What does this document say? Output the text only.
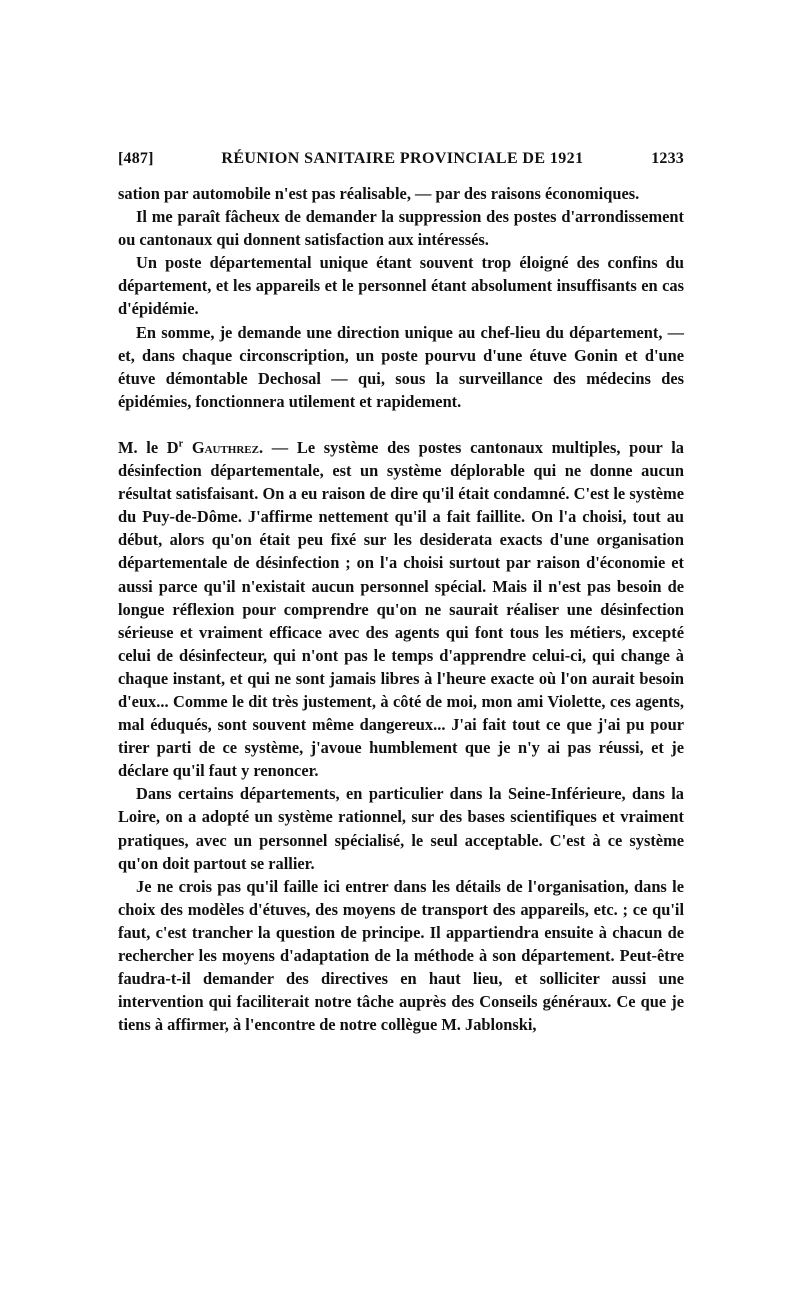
[487]	RÉUNION SANITAIRE PROVINCIALE DE 1921	1233

sation par automobile n'est pas réalisable, — par des raisons économiques.

Il me paraît fâcheux de demander la suppression des postes d'arrondissement ou cantonaux qui donnent satisfaction aux intéressés.

Un poste départemental unique étant souvent trop éloigné des confins du département, et les appareils et le personnel étant absolument insuffisants en cas d'épidémie.

En somme, je demande une direction unique au chef-lieu du département, — et, dans chaque circonscription, un poste pourvu d'une étuve Gonin et d'une étuve démontable Dechosal — qui, sous la surveillance des médecins des épidémies, fonctionnera utilement et rapidement.

M. le $D^r$ Gauthrez. — Le système des postes cantonaux multiples, pour la désinfection départementale, est un système déplorable qui ne donne aucun résultat satisfaisant. On a eu raison de dire qu'il était condamné. C'est le système du Puy-de-Dôme. J'affirme nettement qu'il a fait faillite. On l'a choisi, tout au début, alors qu'on était peu fixé sur les desiderata exacts d'une organisation départementale de désinfection ; on l'a choisi surtout par raison d'économie et aussi parce qu'il n'existait aucun personnel spécial. Mais il n'est pas besoin de longue réflexion pour comprendre qu'on ne saurait réaliser une désinfection sérieuse et vraiment efficace avec des agents qui font tous les métiers, excepté celui de désinfecteur, qui n'ont pas le temps d'apprendre celui-ci, qui change à chaque instant, et qui ne sont jamais libres à l'heure exacte où l'on aurait besoin d'eux... Comme le dit très justement, à côté de moi, mon ami Violette, ces agents, mal éduqués, sont souvent même dangereux... J'ai fait tout ce que j'ai pu pour tirer parti de ce système, j'avoue humblement que je n'y ai pas réussi, et je déclare qu'il faut y renoncer.

Dans certains départements, en particulier dans la Seine-Inférieure, dans la Loire, on a adopté un système rationnel, sur des bases scientifiques et vraiment pratiques, avec un personnel spécialisé, le seul acceptable. C'est à ce système qu'on doit partout se rallier.

Je ne crois pas qu'il faille ici entrer dans les détails de l'organisation, dans le choix des modèles d'étuves, des moyens de transport des appareils, etc. ; ce qu'il faut, c'est trancher la question de principe. Il appartiendra ensuite à chacun de rechercher les moyens d'adaptation de la méthode à son département. Peut-être faudra-t-il demander des directives en haut lieu, et solliciter aussi une intervention qui faciliterait notre tâche auprès des Conseils généraux. Ce que je tiens à affirmer, à l'encontre de notre collègue M. Jablonski,
